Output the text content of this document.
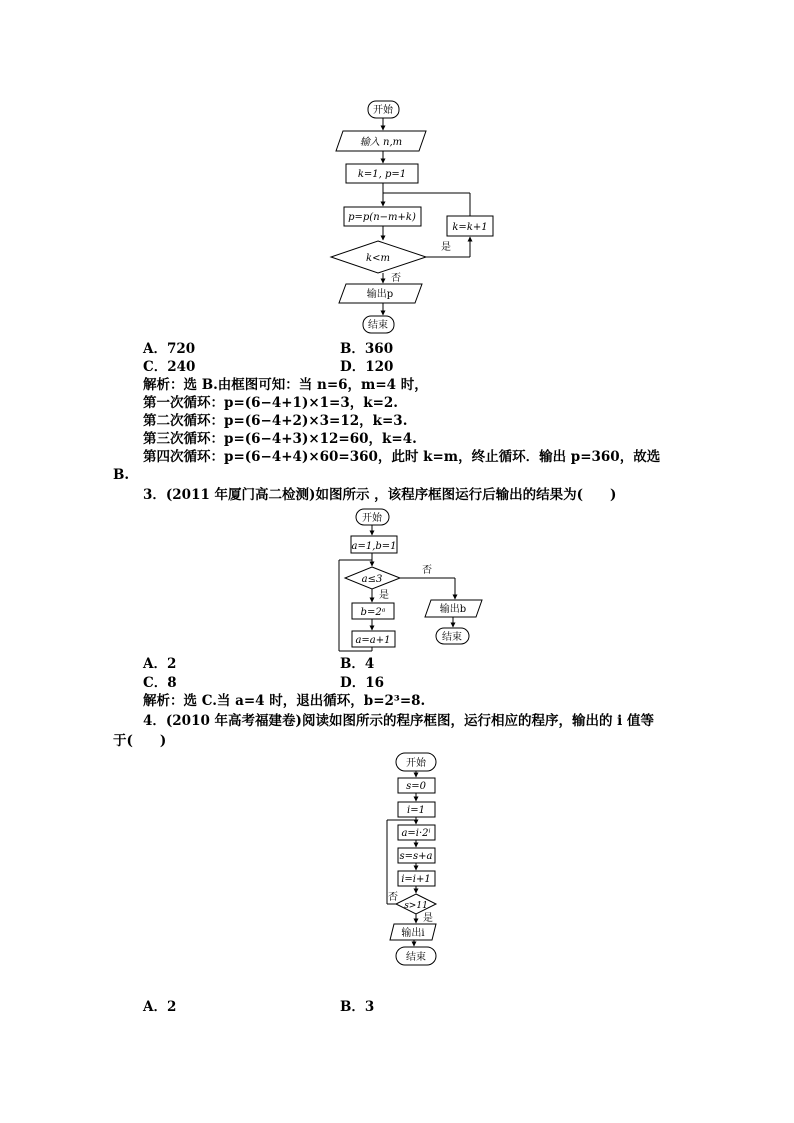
开始
输入 n,m
k=1, p=1
p=p(n−m+k)
k=k+1
k<m
是
否
输出p
结束
A．720	B．360
C．240	D．120
解析：选 B.由框图可知：当 n=6，m=4 时，
第一次循环：p=(6−4+1)×1=3，k=2.
第二次循环：p=(6−4+2)×3=12，k=3.
第三次循环：p=(6−4+3)×12=60，k=4.
第四次循环：p=(6−4+4)×60=360，此时 k=m，终止循环．输出 p=360，故选
B.
3．(2011 年厦门高二检测)如图所示 ，该程序框图运行后输出的结果为(　　)
开始
a=1,b=1
a≤3
否
是
输出b
结束
b=2ᵃ
a=a+1
A．2	B．4
C．8	D．16
解析：选 C.当 a=4 时，退出循环，b=2³=8.
4．(2010 年高考福建卷)阅读如图所示的程序框图，运行相应的程序，输出的 i 值等
于(　　)
开始
s=0
i=1
a=i·2ⁱ
s=s+a
i=i+1
s>11
否
是
输出i
结束
A．2	B．3
